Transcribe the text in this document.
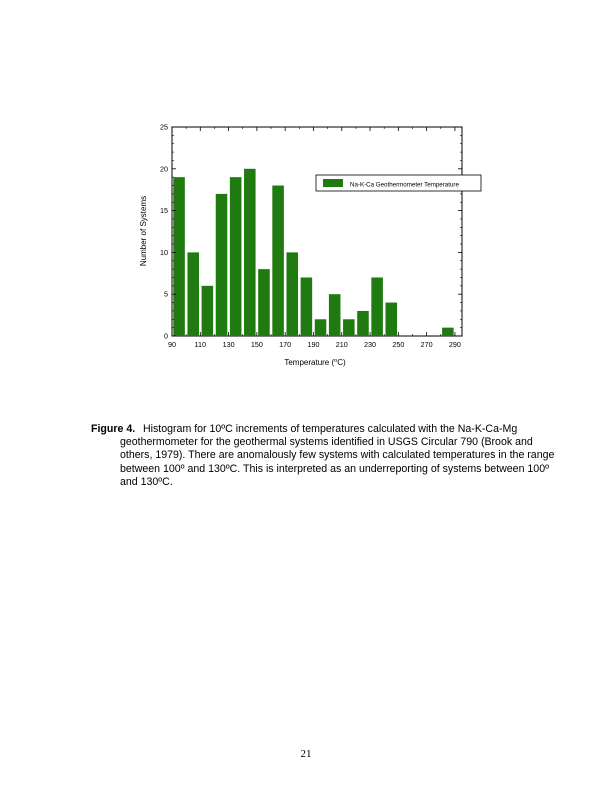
0
5
10
15
20
25
90	110 130 150 170 190 210 230 250 270 290
Number of Systems
Temperature ($^o$C)
Na-K-Ca Geothermometer Temperature
Figure 4. Histogram for 10ºC increments of temperatures calculated with the Na-K-Ca-Mg
geothermometer for the geothermal systems identified in USGS Circular 790 (Brook and
others, 1979). There are anomalously few systems with calculated temperatures in the range
between 100º and 130ºC. This is interpreted as an underreporting of systems between 100º
and 130ºC.
21
